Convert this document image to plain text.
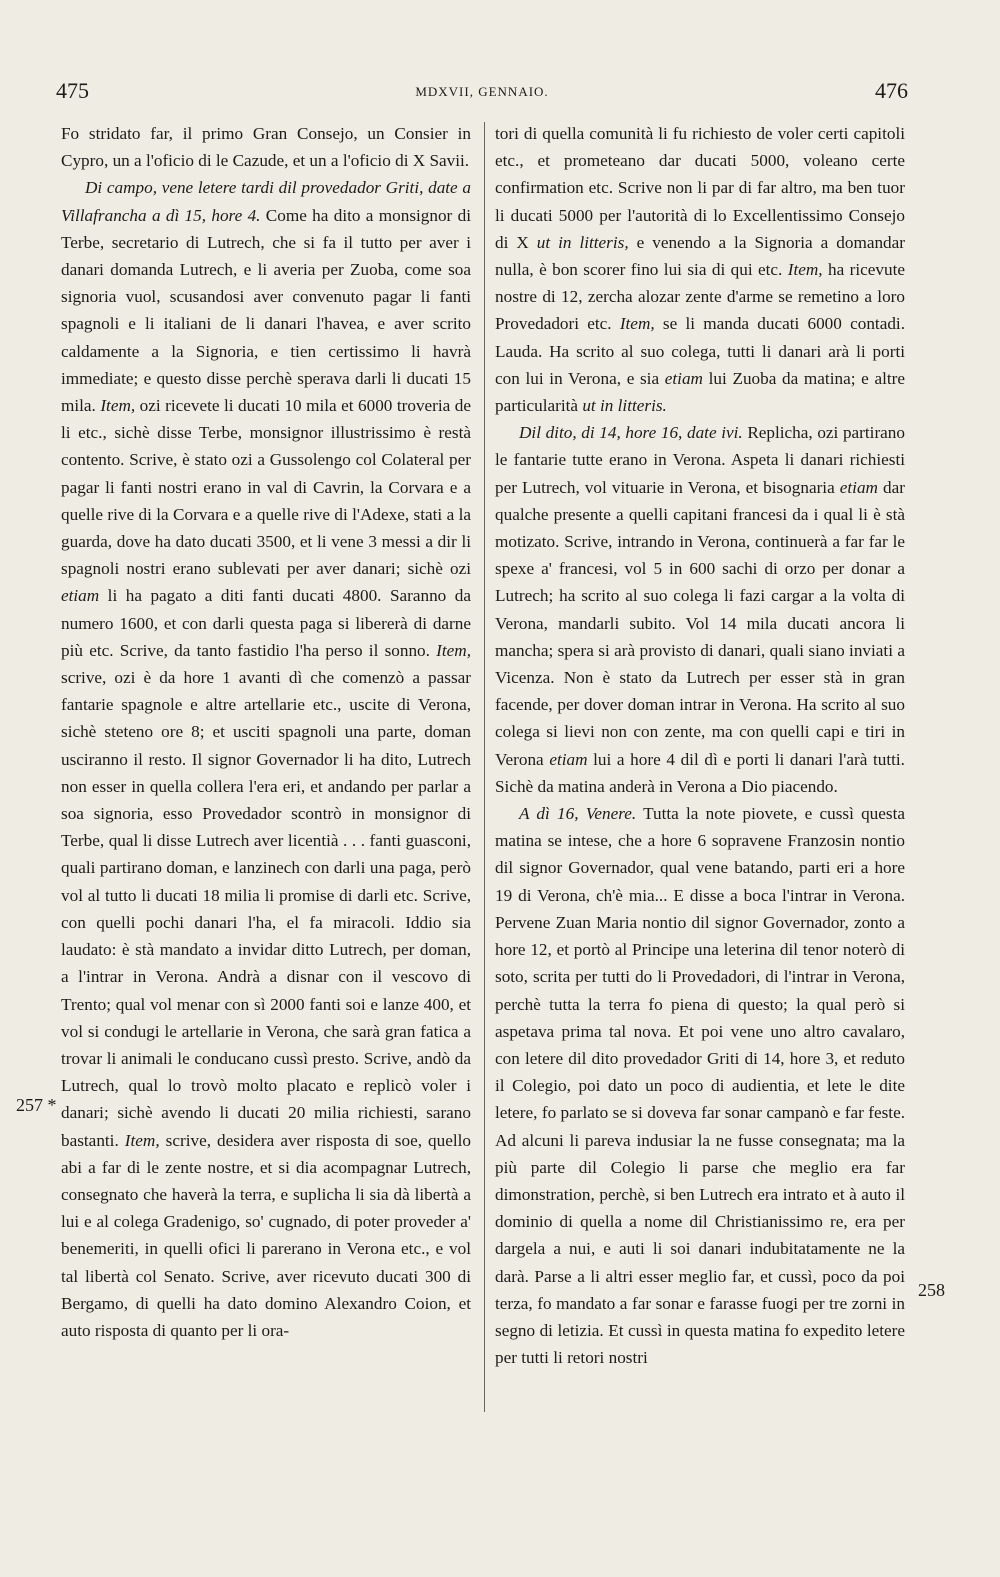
475	MDXVII, GENNAIO.	476

Fo stridato far, il primo Gran Consejo, un Consier in Cypro, un a l'oficio di le Cazude, et un a l'oficio di X Savii.

Di campo, vene letere tardi dil provedador Griti, date a Villafrancha a dì 15, hore 4. Come ha dito a monsignor di Terbe, secretario di Lutrech, che si fa il tutto per aver i danari domanda Lutrech, e li averia per Zuoba, come soa signoria vuol, scusandosi aver convenuto pagar li fanti spagnoli e li italiani de li danari l'havea, e aver scrito caldamente a la Signoria, e tien certissimo li havrà immediate; e questo disse perchè sperava darli li ducati 15 mila. Item, ozi ricevete li ducati 10 mila et 6000 troveria de li etc., sichè disse Terbe, monsignor illustrissimo è restà contento. Scrive, è stato ozi a Gussolengo col Colateral per pagar li fanti nostri erano in val di Cavrin, la Corvara e a quelle rive di la Corvara e a quelle rive di l'Adexe, stati a la guarda, dove ha dato ducati 3500, et li vene 3 messi a dir li spagnoli nostri erano sublevati per aver danari; sichè ozi etiam li ha pagato a diti fanti ducati 4800. Saranno da numero 1600, et con darli questa paga si libererà di darne più etc. Scrive, da tanto fastidio l'ha perso il sonno. Item, scrive, ozi è da hore 1 avanti dì che comenzò a passar fantarie spagnole e altre artellarie etc., uscite di Verona, sichè steteno ore 8; et usciti spagnoli una parte, doman usciranno il resto. Il signor Governador li ha dito, Lutrech non esser in quella collera l'era eri, et andando per parlar a soa signoria, esso Provedador scontrò in monsignor di Terbe, qual li disse Lutrech aver licentià . . . fanti guasconi, quali partirano doman, e lanzinech con darli una paga, però vol al tutto li ducati 18 milia li promise di darli etc. Scrive, con quelli pochi danari l'ha, el fa miracoli. Iddio sia laudato: è stà mandato a invidar ditto Lutrech, per doman, a l'intrar in Verona. Andrà a disnar con il vescovo di Trento; qual vol menar con sì 2000 fanti soi e lanze 400, et vol si condugi le artellarie in Verona, che sarà gran fatica a trovar li animali le conducano cussì presto. Scrive, andò da Lutrech, qual lo trovò molto placato e replicò voler i danari; sichè avendo li ducati 20 milia richiesti, sarano bastanti. Item, scrive, desidera aver risposta di soe, quello abi a far di le zente nostre, et si dia acompagnar Lutrech, consegnato che haverà la terra, e suplicha li sia dà libertà a lui e al colega Gradenigo, so' cugnado, di poter proveder a' benemeriti, in quelli ofici li parerano in Verona etc., e vol tal libertà col Senato. Scrive, aver ricevuto ducati 300 di Bergamo, di quelli ha dato domino Alexandro Coion, et auto risposta di quanto per li ora-

tori di quella comunità li fu richiesto de voler certi capitoli etc., et prometeano dar ducati 5000, voleano certe confirmation etc. Scrive non li par di far altro, ma ben tuor li ducati 5000 per l'autorità di lo Excellentissimo Consejo di X ut in litteris, e venendo a la Signoria a domandar nulla, è bon scorer fino lui sia di qui etc. Item, ha ricevute nostre di 12, zercha alozar zente d'arme se remetino a loro Provedadori etc. Item, se li manda ducati 6000 contadi. Lauda. Ha scrito al suo colega, tutti li danari arà li porti con lui in Verona, e sia etiam lui Zuoba da matina; e altre particularità ut in litteris.

Dil dito, di 14, hore 16, date ivi. Replicha, ozi partirano le fantarie tutte erano in Verona. Aspeta li danari richiesti per Lutrech, vol vituarie in Verona, et bisognaria etiam dar qualche presente a quelli capitani francesi da i qual li è stà motizato. Scrive, intrando in Verona, continuerà a far far le spexe a' francesi, vol 5 in 600 sachi di orzo per donar a Lutrech; ha scrito al suo colega li fazi cargar a la volta di Verona, mandarli subito. Vol 14 mila ducati ancora li mancha; spera si arà provisto di danari, quali siano inviati a Vicenza. Non è stato da Lutrech per esser stà in gran facende, per dover doman intrar in Verona. Ha scrito al suo colega si lievi non con zente, ma con quelli capi e tiri in Verona etiam lui a hore 4 dil dì e porti li danari l'arà tutti. Sichè da matina anderà in Verona a Dio piacendo.

A dì 16, Venere. Tutta la note piovete, e cussì questa matina se intese, che a hore 6 sopravene Franzosin nontio dil signor Governador, qual vene batando, parti eri a hore 19 di Verona, ch'è mia... E disse a boca l'intrar in Verona. Pervene Zuan Maria nontio dil signor Governador, zonto a hore 12, et portò al Principe una leterina dil tenor noterò di soto, scrita per tutti do li Provedadori, di l'intrar in Verona, perchè tutta la terra fo piena di questo; la qual però si aspetava prima tal nova. Et poi vene uno altro cavalaro, con letere dil dito provedador Griti di 14, hore 3, et reduto il Colegio, poi dato un poco di audientia, et lete le dite letere, fo parlato se si doveva far sonar campanò e far feste. Ad alcuni li pareva indusiar la ne fusse consegnata; ma la più parte dil Colegio li parse che meglio era far dimonstration, perchè, si ben Lutrech era intrato et à auto il dominio di quella a nome dil Christianissimo re, era per dargela a nui, e auti li soi danari indubitatamente ne la darà. Parse a li altri esser meglio far, et cussì, poco da poi terza, fo mandato a far sonar e farasse fuogi per tre zorni in segno di letizia. Et cussì in questa matina fo expedito letere per tutti li retori nostri

257 *
258
